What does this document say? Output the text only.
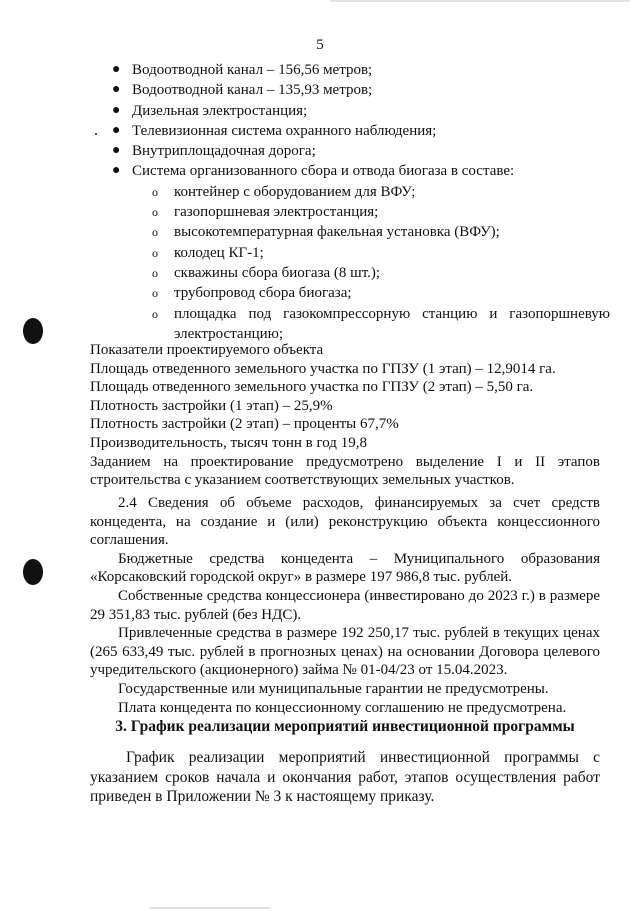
5
● Водоотводной канал – 156,56 метров;
● Водоотводной канал – 135,93 метров;
● Дизельная электростанция;
● Телевизионная система охранного наблюдения;
● Внутриплощадочная дорога;
● Система организованного сбора и отвода биогаза в составе:
o контейнер с оборудованием для ВФУ;
o газопоршневая электростанция;
o высокотемпературная факельная установка (ВФУ);
o колодец КГ-1;
o скважины сбора биогаза (8 шт.);
o трубопровод сбора биогаза;
o площадка под газокомпрессорную станцию и газопоршневую электростанцию;

Показатели проектируемого объекта

Площадь отведенного земельного участка по ГПЗУ (1 этап) – 12,9014 га.

Площадь отведенного земельного участка по ГПЗУ (2 этап) – 5,50 га.

Плотность застройки (1 этап) – 25,9%

Плотность застройки (2 этап) – проценты 67,7%

Производительность, тысяч тонн в год 19,8

Заданием на проектирование предусмотрено выделение I и II этапов строительства с указанием соответствующих земельных участков.

2.4 Сведения об объеме расходов, финансируемых за счет средств концедента, на создание и (или) реконструкцию объекта концессионного соглашения.

Бюджетные средства концедента – Муниципального образования «Корсаковский городской округ» в размере 197 986,8 тыс. рублей.

Собственные средства концессионера (инвестировано до 2023 г.) в размере 29 351,83 тыс. рублей (без НДС).

Привлеченные средства в размере 192 250,17 тыс. рублей в текущих ценах (265 633,49 тыс. рублей в прогнозных ценах) на основании Договора целевого учредительского (акционерного) займа № 01-04/23 от 15.04.2023.

Государственные или муниципальные гарантии не предусмотрены.

Плата концедента по концессионному соглашению не предусмотрена.

3. График реализации мероприятий инвестиционной программы

График реализации мероприятий инвестиционной программы с указанием сроков начала и окончания работ, этапов осуществления работ приведен в Приложении № 3 к настоящему приказу.
